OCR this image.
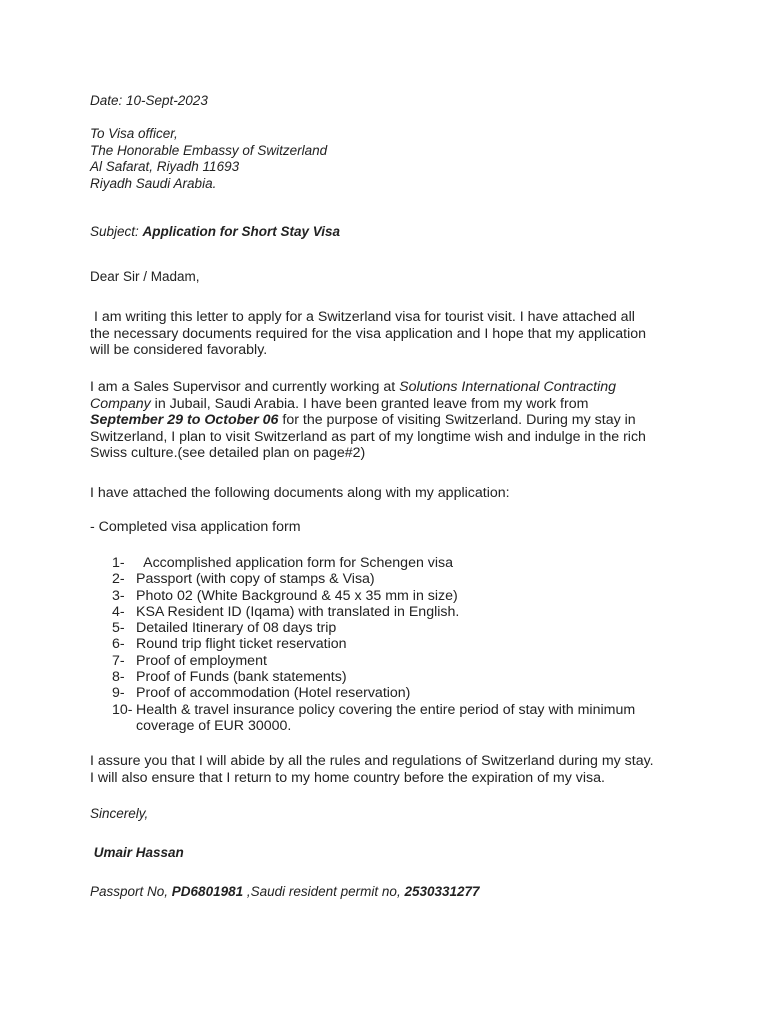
Date: 10-Sept-2023
To Visa officer,
The Honorable Embassy of Switzerland
Al Safarat, Riyadh 11693
Riyadh Saudi Arabia.
Subject: Application for Short Stay Visa
Dear Sir / Madam,
I am writing this letter to apply for a Switzerland visa for tourist visit. I have attached all
the necessary documents required for the visa application and I hope that my application
will be considered favorably.
I am a Sales Supervisor and currently working at Solutions International Contracting
Company in Jubail, Saudi Arabia. I have been granted leave from my work from
September 29 to October 06 for the purpose of visiting Switzerland. During my stay in
Switzerland, I plan to visit Switzerland as part of my longtime wish and indulge in the rich
Swiss culture.(see detailed plan on page#2)
I have attached the following documents along with my application:
- Completed visa application form
1- Accomplished application form for Schengen visa
2- Passport (with copy of stamps & Visa)
3- Photo 02 (White Background & 45 x 35 mm in size)
4- KSA Resident ID (Iqama) with translated in English.
5- Detailed Itinerary of 08 days trip
6- Round trip flight ticket reservation
7- Proof of employment
8- Proof of Funds (bank statements)
9- Proof of accommodation (Hotel reservation)
10- Health & travel insurance policy covering the entire period of stay with minimum
coverage of EUR 30000.
I assure you that I will abide by all the rules and regulations of Switzerland during my stay.
I will also ensure that I return to my home country before the expiration of my visa.
Sincerely,
Umair Hassan
Passport No, PD6801981 ,Saudi resident permit no, 2530331277
